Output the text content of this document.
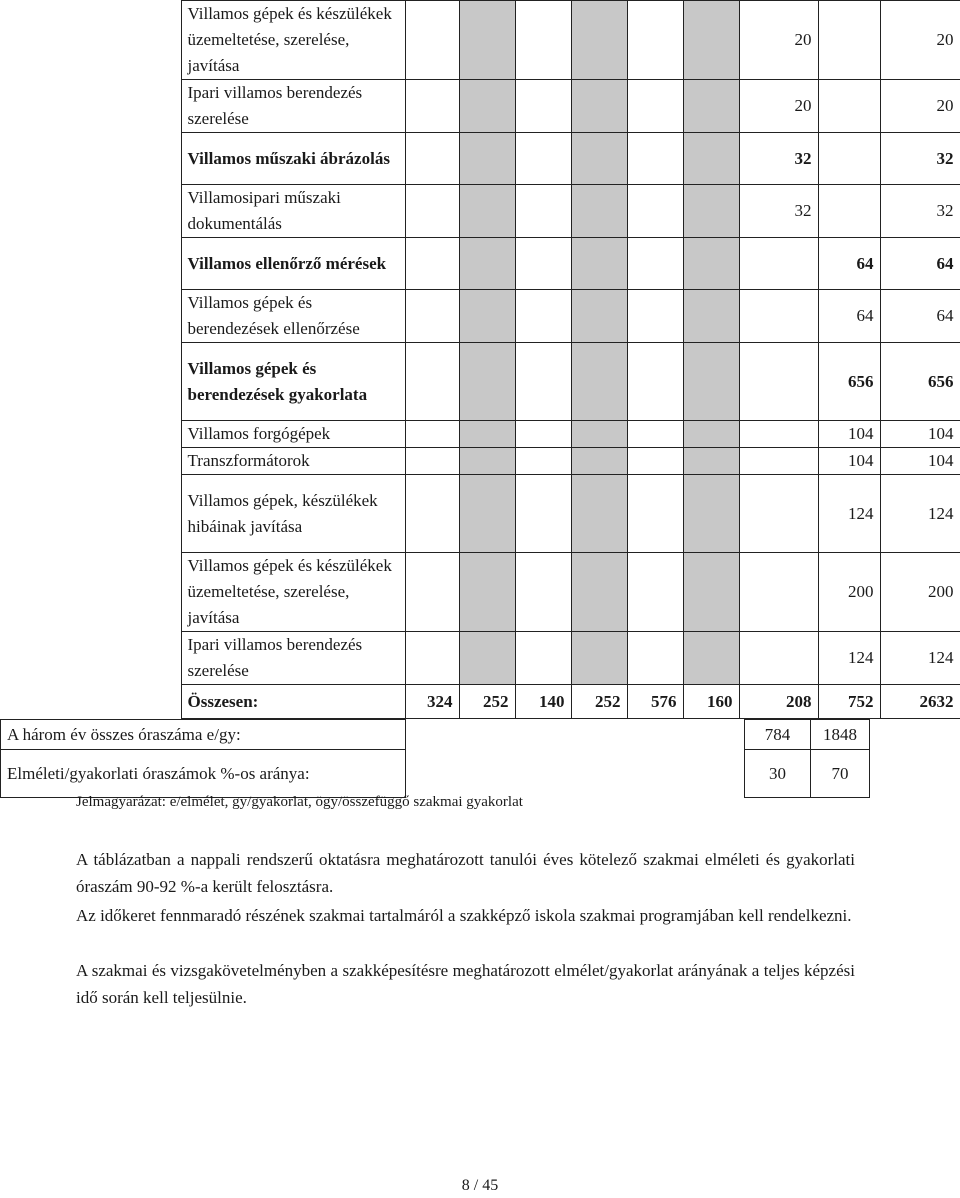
	Villamos gépek és készülékek üzemeltetése, szerelése, javítása							20		20
	Ipari villamos berendezés szerelése							20		20
	Villamos műszaki ábrázolás							32		32
	Villamosipari műszaki dokumentálás							32		32
	Villamos ellenőrző mérések								64	64
	Villamos gépek és berendezések ellenőrzése								64	64
	Villamos gépek és berendezések gyakorlata								656	656
	Villamos forgógépek								104	104
	Transzformátorok								104	104
	Villamos gépek, készülékek hibáinak javítása								124	124
	Villamos gépek és készülékek üzemeltetése, szerelése, javítása								200	200
	Ipari villamos berendezés szerelése								124	124
	Összesen:	324	252	140	252	576	160	208	752	2632
A három év összes óraszáma e/gy:		784	1848
Elméleti/gyakorlati óraszámok %-os aránya:		30	70
Jelmagyarázat: e/elmélet, gy/gyakorlat, ögy/összefüggő szakmai gyakorlat
A táblázatban a nappali rendszerű oktatásra meghatározott tanulói éves kötelező szakmai elméleti és gyakorlati óraszám 90-92 %-a került felosztásra.
Az időkeret fennmaradó részének szakmai tartalmáról a szakképző iskola szakmai programjában kell rendelkezni.
A szakmai és vizsgakövetelményben a szakképesítésre meghatározott elmélet/gyakorlat arányának a teljes képzési idő során kell teljesülnie.
8 / 45
